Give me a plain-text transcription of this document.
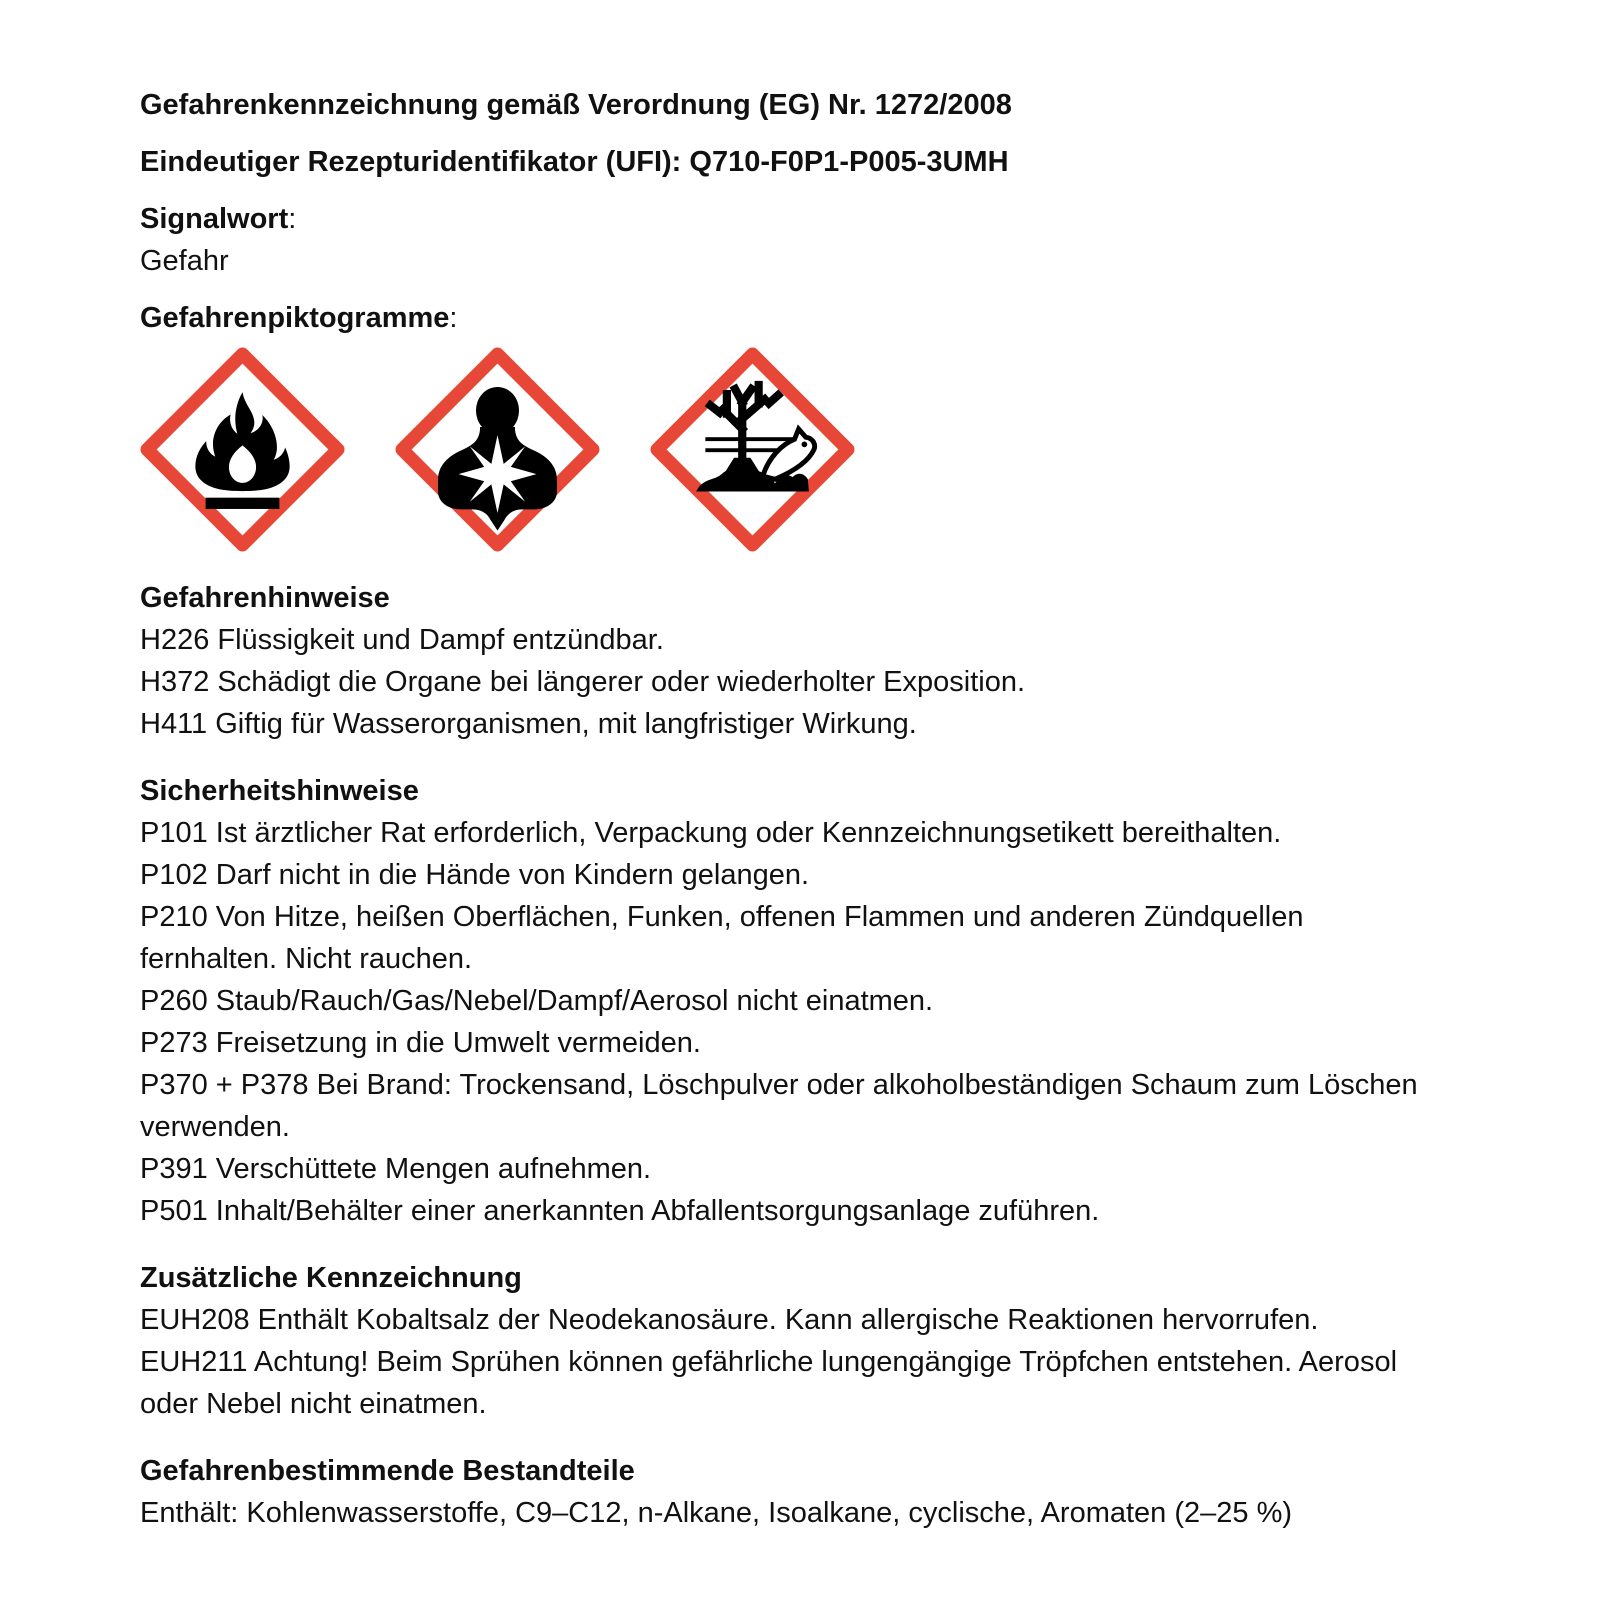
Gefahrenkennzeichnung gemäß Verordnung (EG) Nr. 1272/2008
Eindeutiger Rezepturidentifikator (UFI): Q710-F0P1-P005-3UMH

Signalwort:

Gefahr

Gefahrenpiktogramme:

Gefahrenhinweise

H226 Flüssigkeit und Dampf entzündbar.

H372 Schädigt die Organe bei längerer oder wiederholter Exposition.

H411 Giftig für Wasserorganismen, mit langfristiger Wirkung.

Sicherheitshinweise

P101 Ist ärztlicher Rat erforderlich, Verpackung oder Kennzeichnungsetikett bereithalten.

P102 Darf nicht in die Hände von Kindern gelangen.

P210 Von Hitze, heißen Oberflächen, Funken, offenen Flammen und anderen Zündquellen fernhalten. Nicht rauchen.

P260 Staub/Rauch/Gas/Nebel/Dampf/Aerosol nicht einatmen.

P273 Freisetzung in die Umwelt vermeiden.

P370 + P378 Bei Brand: Trockensand, Löschpulver oder alkoholbeständigen Schaum zum Löschen verwenden.

P391 Verschüttete Mengen aufnehmen.

P501 Inhalt/Behälter einer anerkannten Abfallentsorgungsanlage zuführen.

Zusätzliche Kennzeichnung

EUH208 Enthält Kobaltsalz der Neodekanosäure. Kann allergische Reaktionen hervorrufen.

EUH211 Achtung! Beim Sprühen können gefährliche lungengängige Tröpfchen entstehen. Aerosol oder Nebel nicht einatmen.

Gefahrenbestimmende Bestandteile

Enthält: Kohlenwasserstoffe, C9–C12, n-Alkane, Isoalkane, cyclische, Aromaten (2–25 %)
